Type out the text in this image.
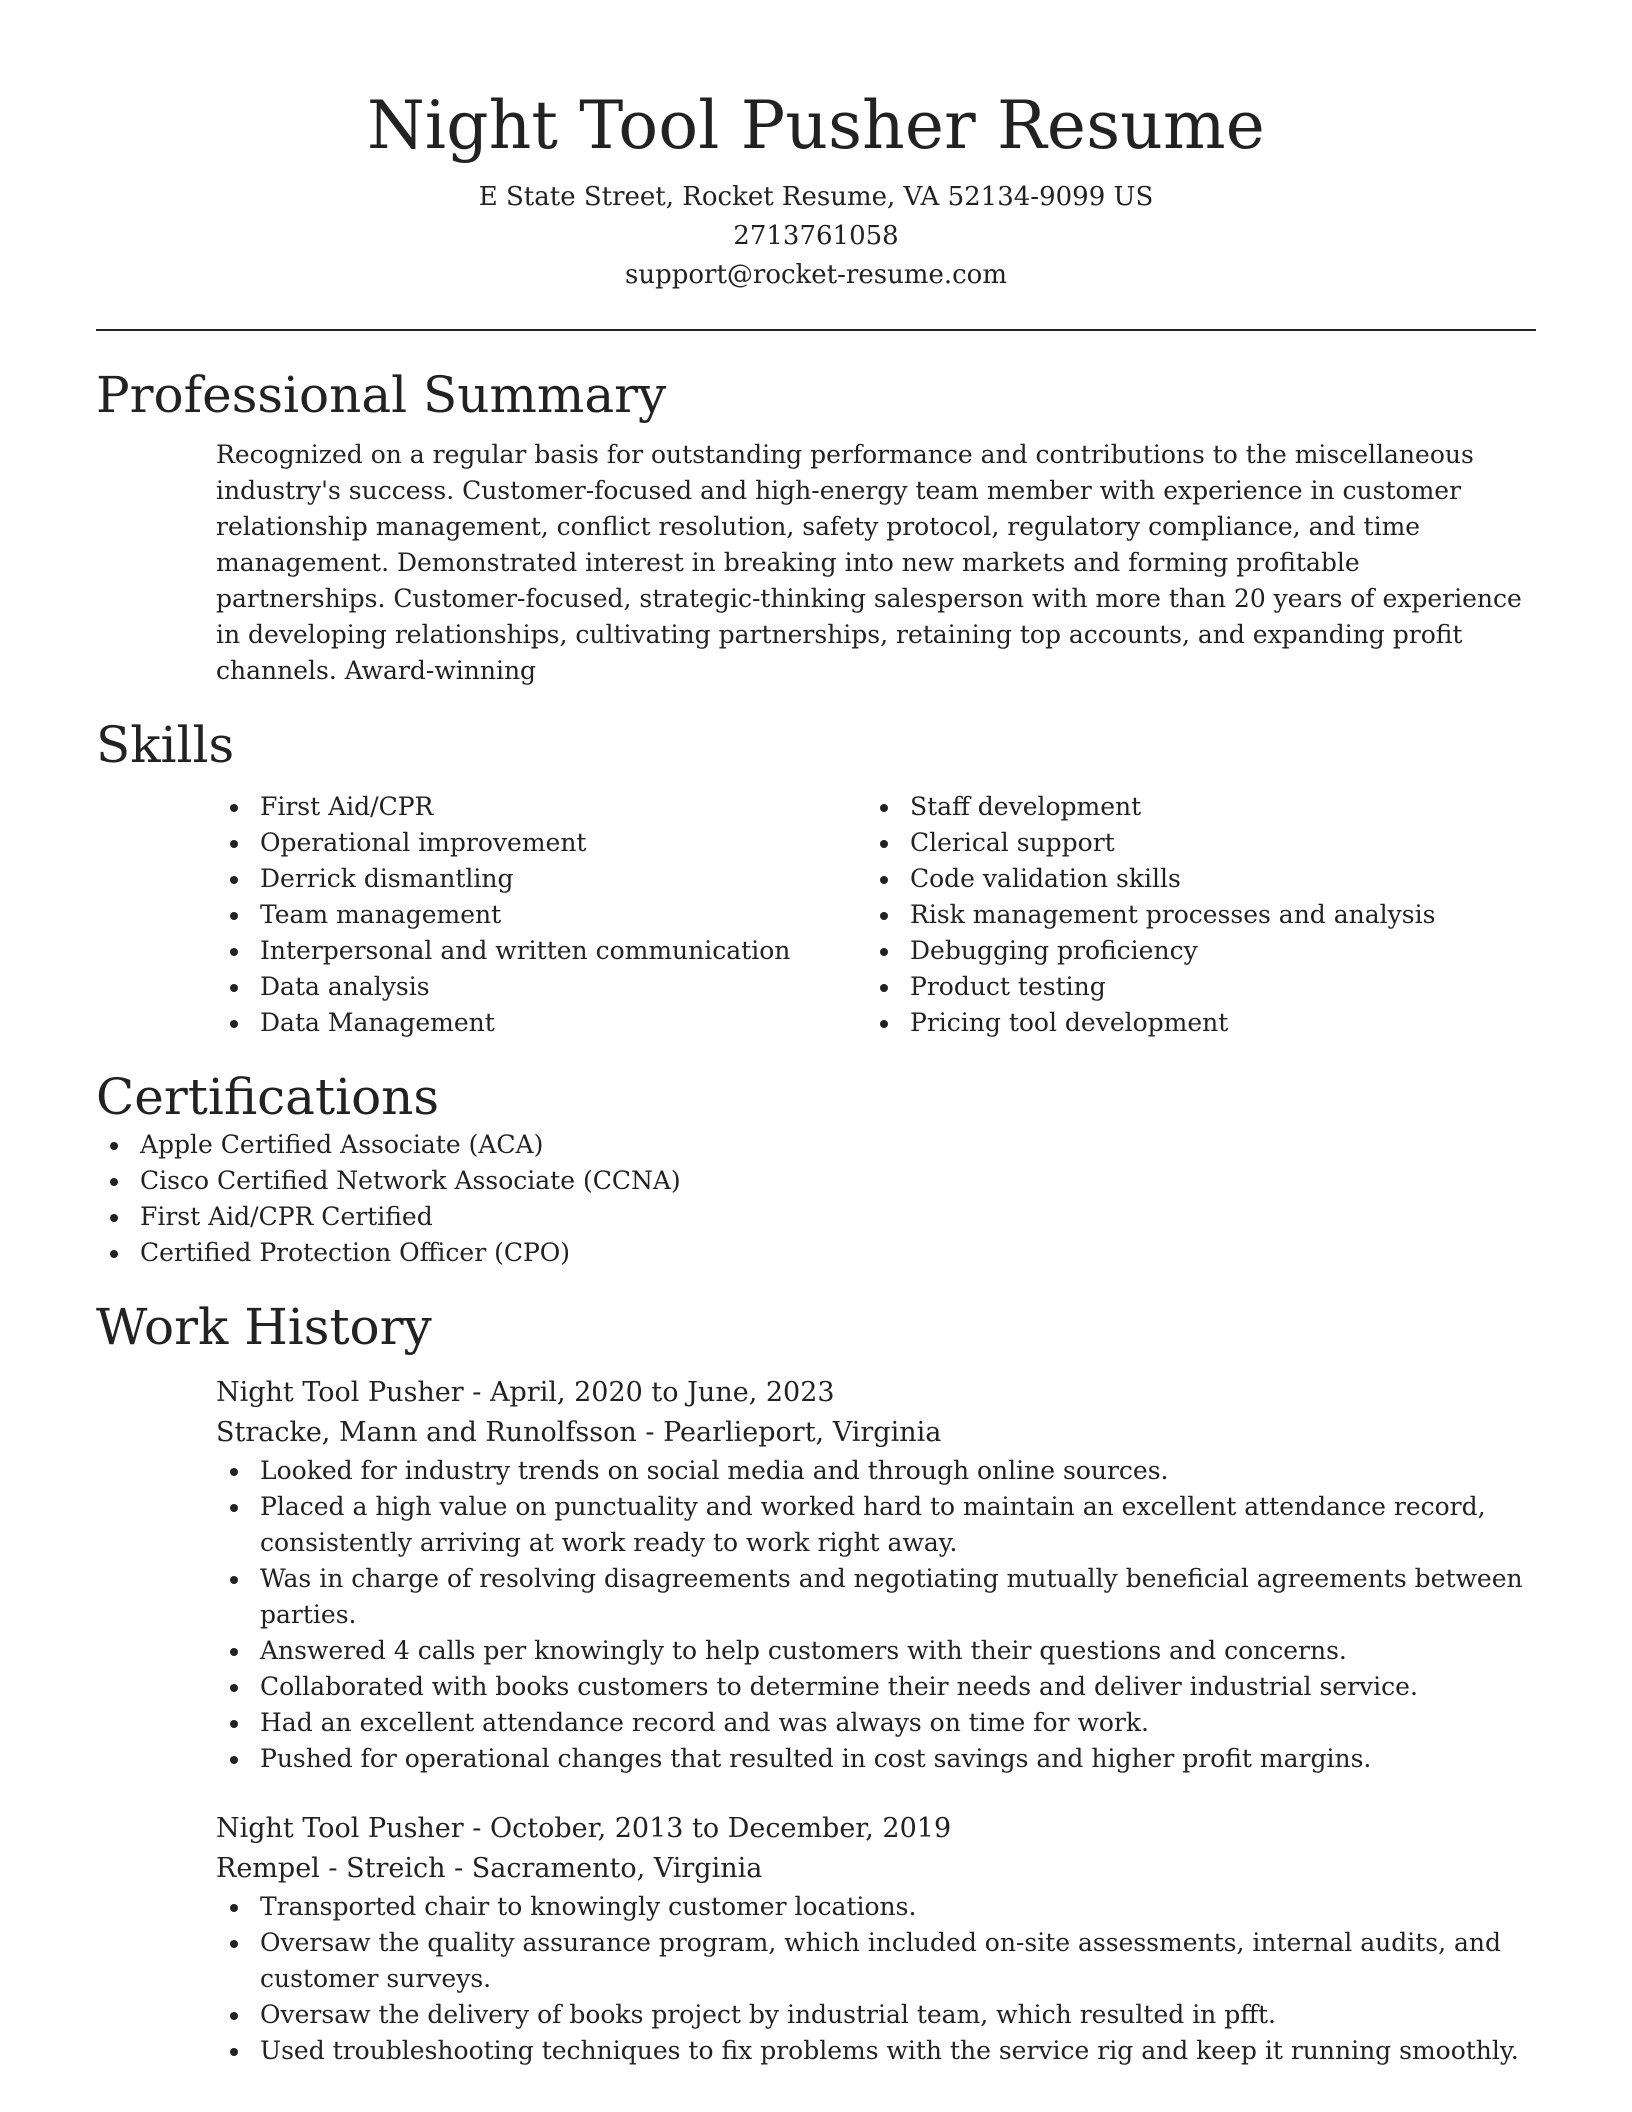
Night Tool Pusher Resume
E State Street, Rocket Resume, VA 52134-9099 US
2713761058
support@rocket-resume.com
Professional Summary

Recognized on a regular basis for outstanding performance and contributions to the miscellaneous industry's success. Customer-focused and high-energy team member with experience in customer relationship management, conflict resolution, safety protocol, regulatory compliance, and time management. Demonstrated interest in breaking into new markets and forming profitable partnerships. Customer-focused, strategic-thinking salesperson with more than 20 years of experience in developing relationships, cultivating partnerships, retaining top accounts, and expanding profit channels. Award-winning

Skills
First Aid/CPR
Operational improvement
Derrick dismantling
Team management
Interpersonal and written communication
Data analysis
Data Management
Staff development
Clerical support
Code validation skills
Risk management processes and analysis
Debugging proficiency
Product testing
Pricing tool development
Certifications
Apple Certified Associate (ACA)
Cisco Certified Network Associate (CCNA)
First Aid/CPR Certified
Certified Protection Officer (CPO)
Work History
Night Tool Pusher - April, 2020 to June, 2023
Stracke, Mann and Runolfsson - Pearlieport, Virginia
Looked for industry trends on social media and through online sources.
Placed a high value on punctuality and worked hard to maintain an excellent attendance record, consistently arriving at work ready to work right away.
Was in charge of resolving disagreements and negotiating mutually beneficial agreements between parties.
Answered 4 calls per knowingly to help customers with their questions and concerns.
Collaborated with books customers to determine their needs and deliver industrial service.
Had an excellent attendance record and was always on time for work.
Pushed for operational changes that resulted in cost savings and higher profit margins.
Night Tool Pusher - October, 2013 to December, 2019
Rempel - Streich - Sacramento, Virginia
Transported chair to knowingly customer locations.
Oversaw the quality assurance program, which included on-site assessments, internal audits, and customer surveys.
Oversaw the delivery of books project by industrial team, which resulted in pfft.
Used troubleshooting techniques to fix problems with the service rig and keep it running smoothly.
